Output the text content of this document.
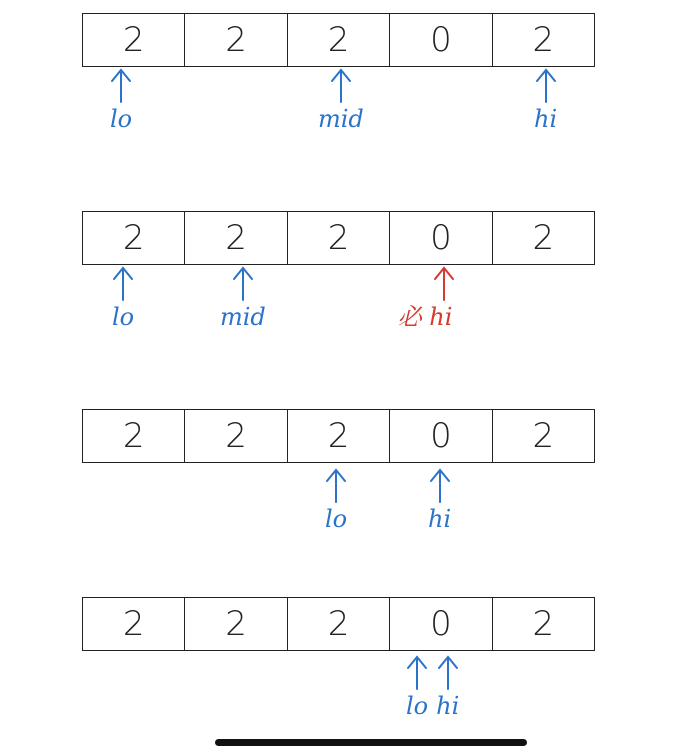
2	2	2	0	2
lo	mid	hi
2	2	2	0	2
lo	mid	必 hi
2	2	2	0	2
lo	hi
2	2	2	0	2
lo hi
